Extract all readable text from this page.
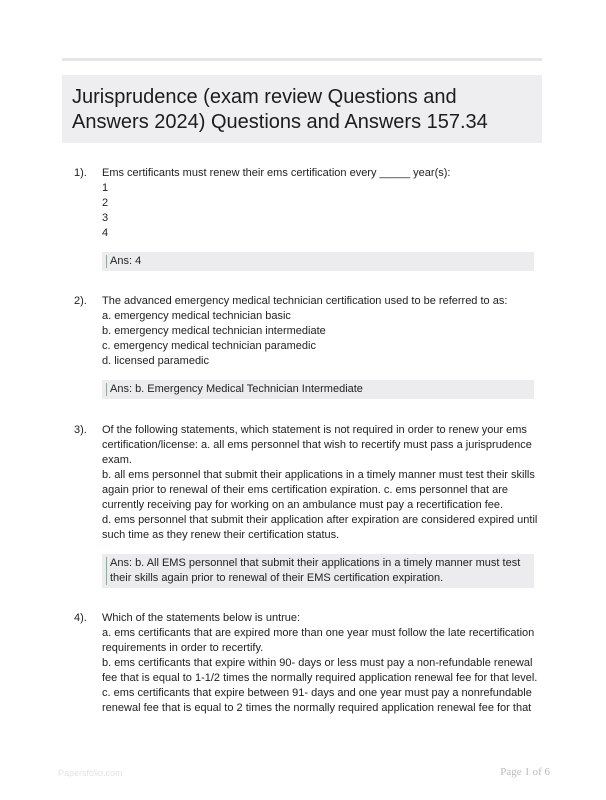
Jurisprudence (exam review Questions and
Answers 2024) Questions and Answers 157.34
1). Ems certificants must renew their ems certification every _____ year(s):
1
2
3
4
Ans: 4
2). The advanced emergency medical technician certification used to be referred to as:
a. emergency medical technician basic
b. emergency medical technician intermediate
c. emergency medical technician paramedic
d. licensed paramedic
Ans: b. Emergency Medical Technician Intermediate
3). Of the following statements, which statement is not required in order to renew your ems
certification/license: a. all ems personnel that wish to recertify must pass a jurisprudence
exam.
b. all ems personnel that submit their applications in a timely manner must test their skills
again prior to renewal of their ems certification expiration. c. ems personnel that are
currently receiving pay for working on an ambulance must pay a recertification fee.
d. ems personnel that submit their application after expiration are considered expired until
such time as they renew their certification status.
Ans: b. All EMS personnel that submit their applications in a timely manner must test
their skills again prior to renewal of their EMS certification expiration.
4). Which of the statements below is untrue:
a. ems certificants that are expired more than one year must follow the late recertification
requirements in order to recertify.
b. ems certificants that expire within 90- days or less must pay a non-refundable renewal
fee that is equal to 1-1/2 times the normally required application renewal fee for that level.
c. ems certificants that expire between 91- days and one year must pay a nonrefundable
renewal fee that is equal to 2 times the normally required application renewal fee for that
Papersfolio.com	Page 1 of 6
